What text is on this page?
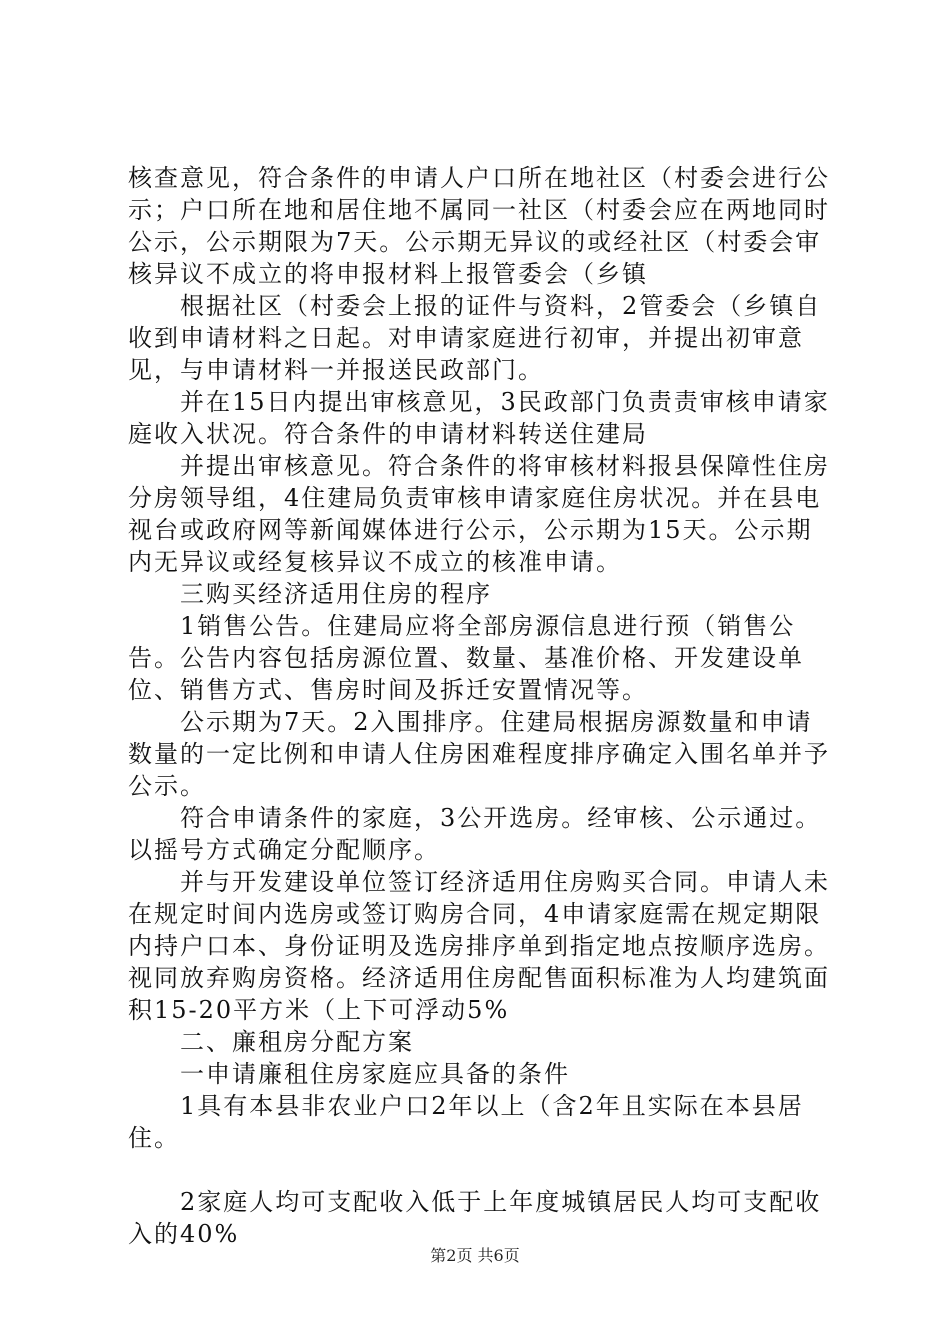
核查意见，符合条件的申请人户口所在地社区（村委会进行公示；户口所在地和居住地不属同一社区（村委会应在两地同时公示，公示期限为7天。公示期无异议的或经社区（村委会审核异议不成立的将申报材料上报管委会（乡镇

根据社区（村委会上报的证件与资料，2管委会（乡镇自收到申请材料之日起。对申请家庭进行初审，并提出初审意见，与申请材料一并报送民政部门。

并在15日内提出审核意见，3民政部门负责责审核申请家庭收入状况。符合条件的申请材料转送住建局

并提出审核意见。符合条件的将审核材料报县保障性住房分房领导组，4住建局负责审核申请家庭住房状况。并在县电视台或政府网等新闻媒体进行公示，公示期为15天。公示期内无异议或经复核异议不成立的核准申请。

三购买经济适用住房的程序

1销售公告。住建局应将全部房源信息进行预（销售公告。公告内容包括房源位置、数量、基准价格、开发建设单位、销售方式、售房时间及拆迁安置情况等。

公示期为7天。2入围排序。住建局根据房源数量和申请数量的一定比例和申请人住房困难程度排序确定入围名单并予公示。

符合申请条件的家庭，3公开选房。经审核、公示通过。以摇号方式确定分配顺序。

并与开发建设单位签订经济适用住房购买合同。申请人未在规定时间内选房或签订购房合同，4申请家庭需在规定期限内持户口本、身份证明及选房排序单到指定地点按顺序选房。视同放弃购房资格。经济适用住房配售面积标准为人均建筑面积15-20平方米（上下可浮动5%

二、廉租房分配方案

一申请廉租住房家庭应具备的条件

1具有本县非农业户口2年以上（含2年且实际在本县居住。

2家庭人均可支配收入低于上年度城镇居民人均可支配收入的40%

第2页 共6页
